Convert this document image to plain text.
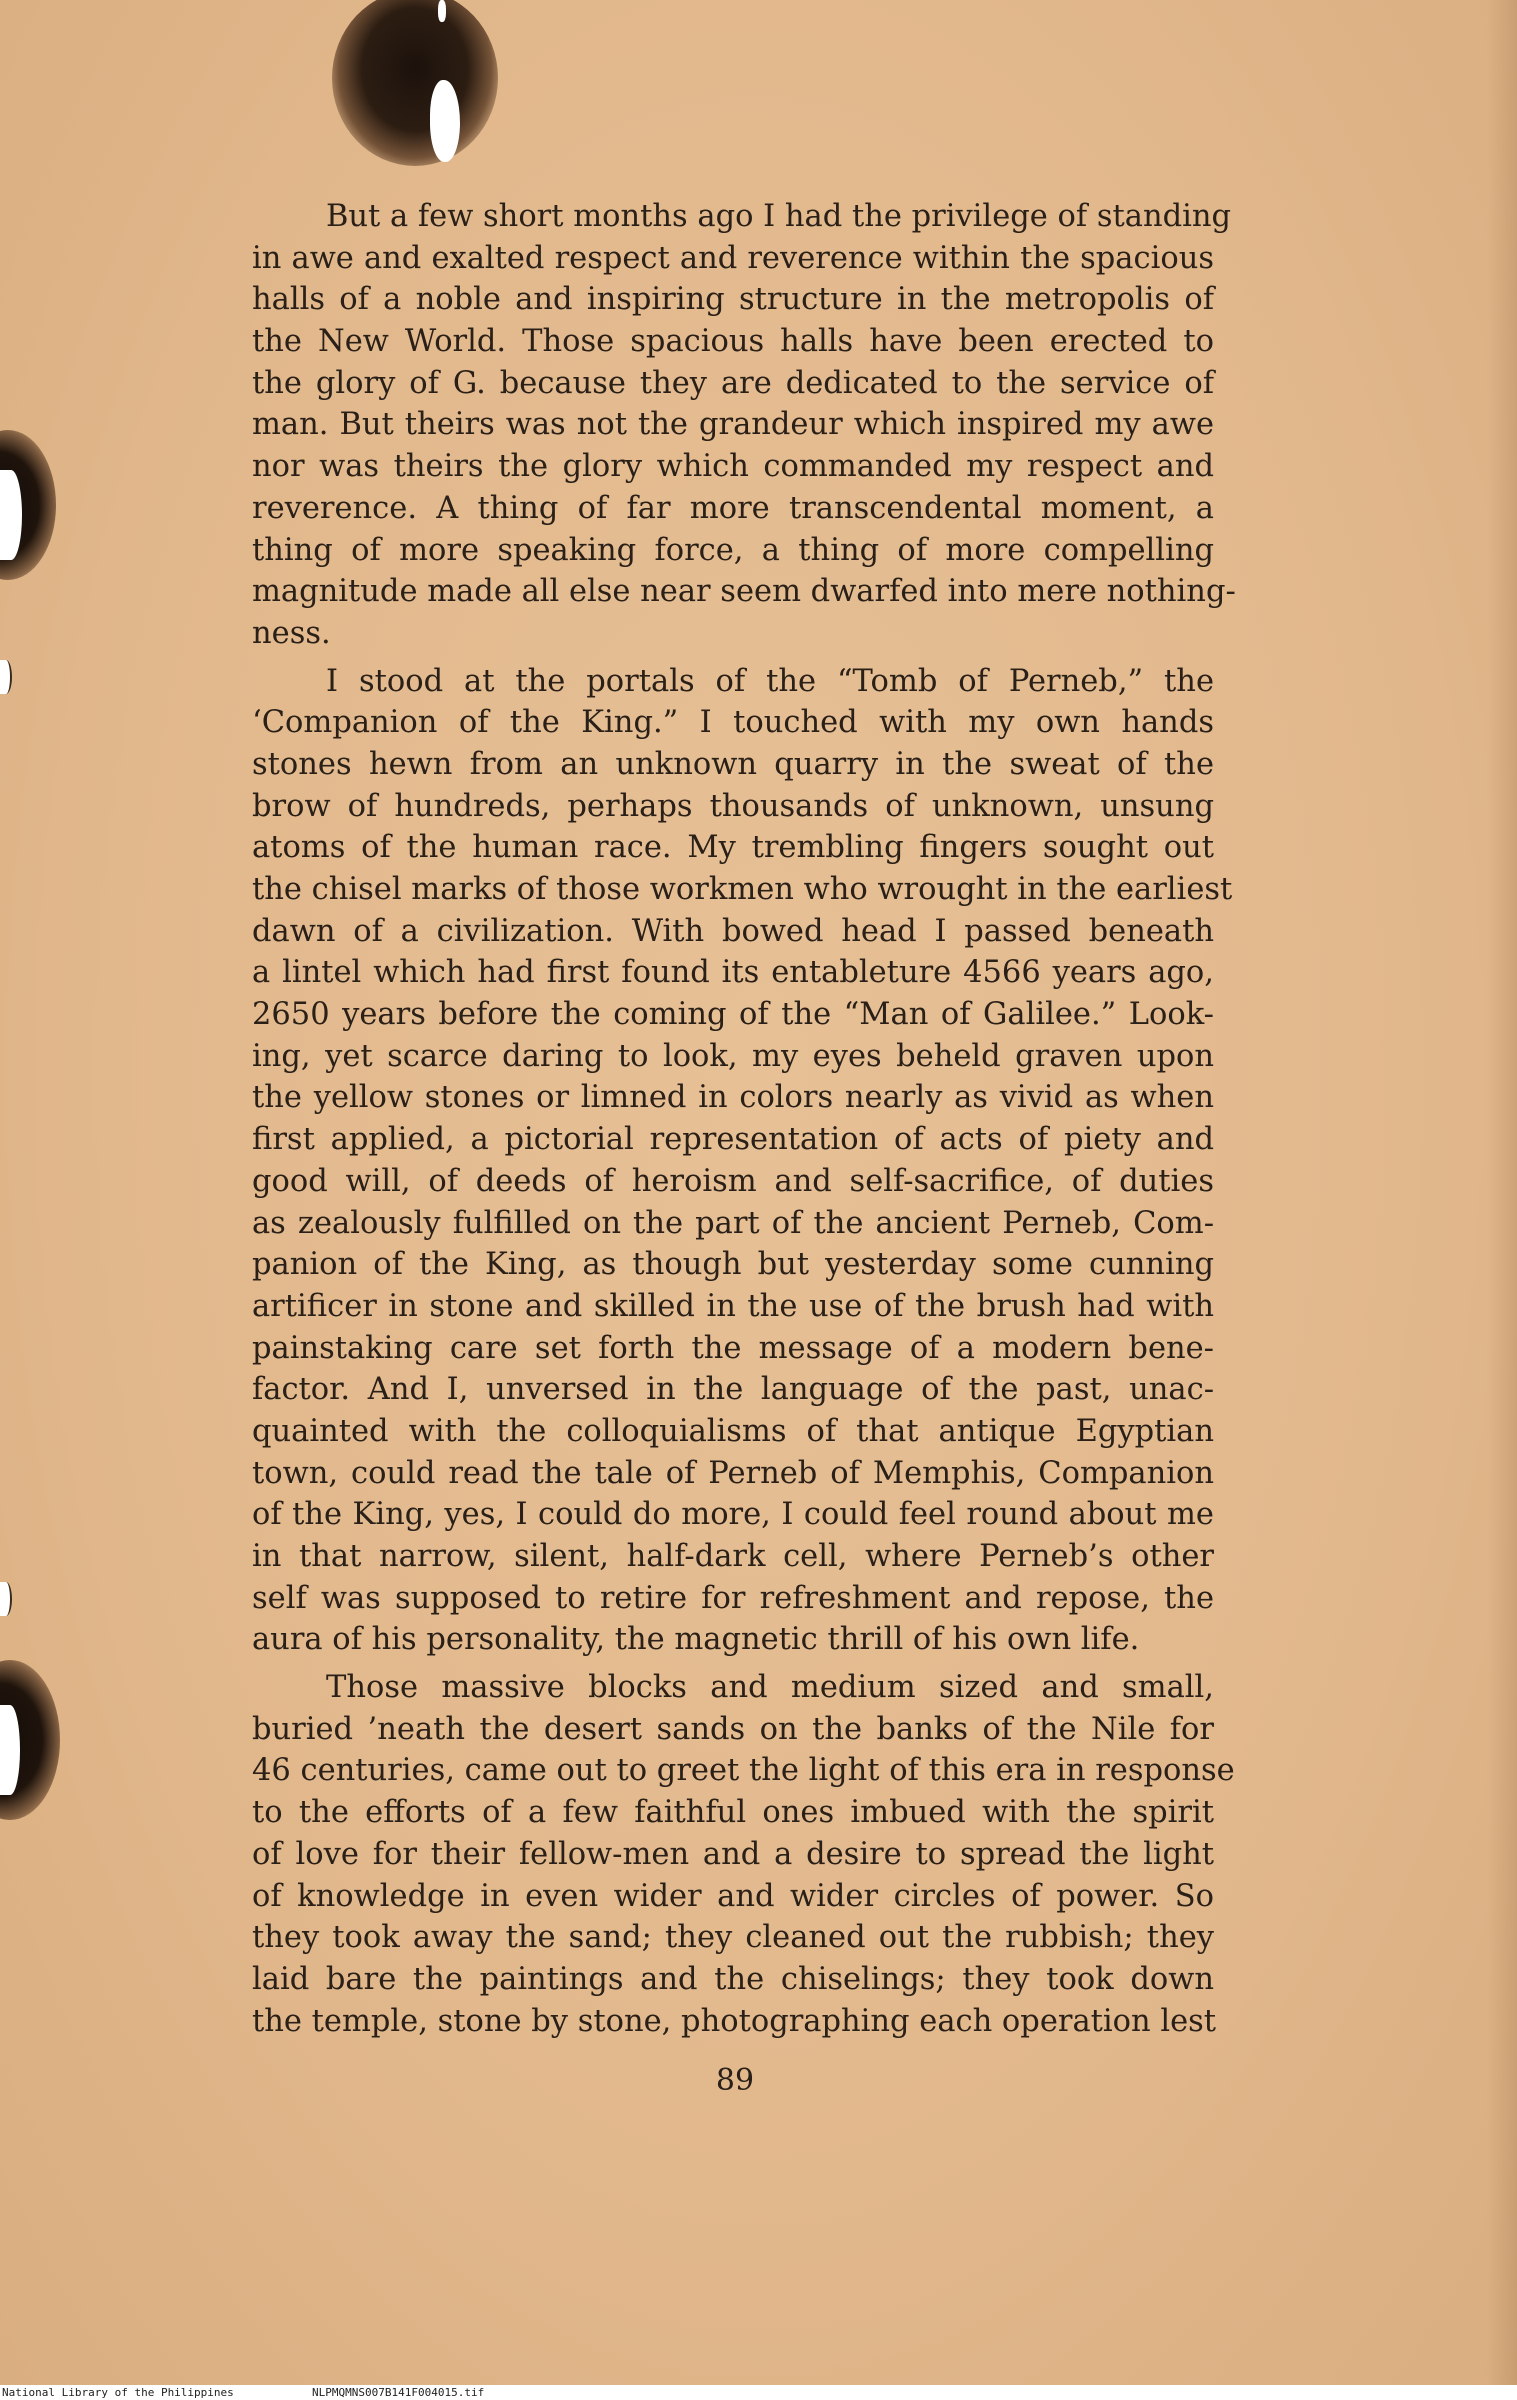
But a few short months ago I had the privilege of standing
in awe and exalted respect and reverence within the spacious
halls of a noble and inspiring structure in the metropolis of
the New World. Those spacious halls have been erected to
the glory of G. because they are dedicated to the service of
man. But theirs was not the grandeur which inspired my awe
nor was theirs the glory which commanded my respect and
reverence. A thing of far more transcendental moment, a
thing of more speaking force, a thing of more compelling
magnitude made all else near seem dwarfed into mere nothing-
ness.
I stood at the portals of the “Tomb of Perneb,” the
‘Companion of the King.” I touched with my own hands
stones hewn from an unknown quarry in the sweat of the
brow of hundreds, perhaps thousands of unknown, unsung
atoms of the human race. My trembling fingers sought out
the chisel marks of those workmen who wrought in the earliest
dawn of a civilization. With bowed head I passed beneath
a lintel which had first found its entableture 4566 years ago,
2650 years before the coming of the “Man of Galilee.” Look-
ing, yet scarce daring to look, my eyes beheld graven upon
the yellow stones or limned in colors nearly as vivid as when
first applied, a pictorial representation of acts of piety and
good will, of deeds of heroism and self-sacrifice, of duties
as zealously fulfilled on the part of the ancient Perneb, Com-
panion of the King, as though but yesterday some cunning
artificer in stone and skilled in the use of the brush had with
painstaking care set forth the message of a modern bene-
factor. And I, unversed in the language of the past, unac-
quainted with the colloquialisms of that antique Egyptian
town, could read the tale of Perneb of Memphis, Companion
of the King, yes, I could do more, I could feel round about me
in that narrow, silent, half-dark cell, where Perneb’s other
self was supposed to retire for refreshment and repose, the
aura of his personality, the magnetic thrill of his own life.
Those massive blocks and medium sized and small,
buried ’neath the desert sands on the banks of the Nile for
46 centuries, came out to greet the light of this era in response
to the efforts of a few faithful ones imbued with the spirit
of love for their fellow-men and a desire to spread the light
of knowledge in even wider and wider circles of power. So
they took away the sand; they cleaned out the rubbish; they
laid bare the paintings and the chiselings; they took down
the temple, stone by stone, photographing each operation lest
89
National Library of the Philippines	NLPMQMNS007B141F004015.tif
